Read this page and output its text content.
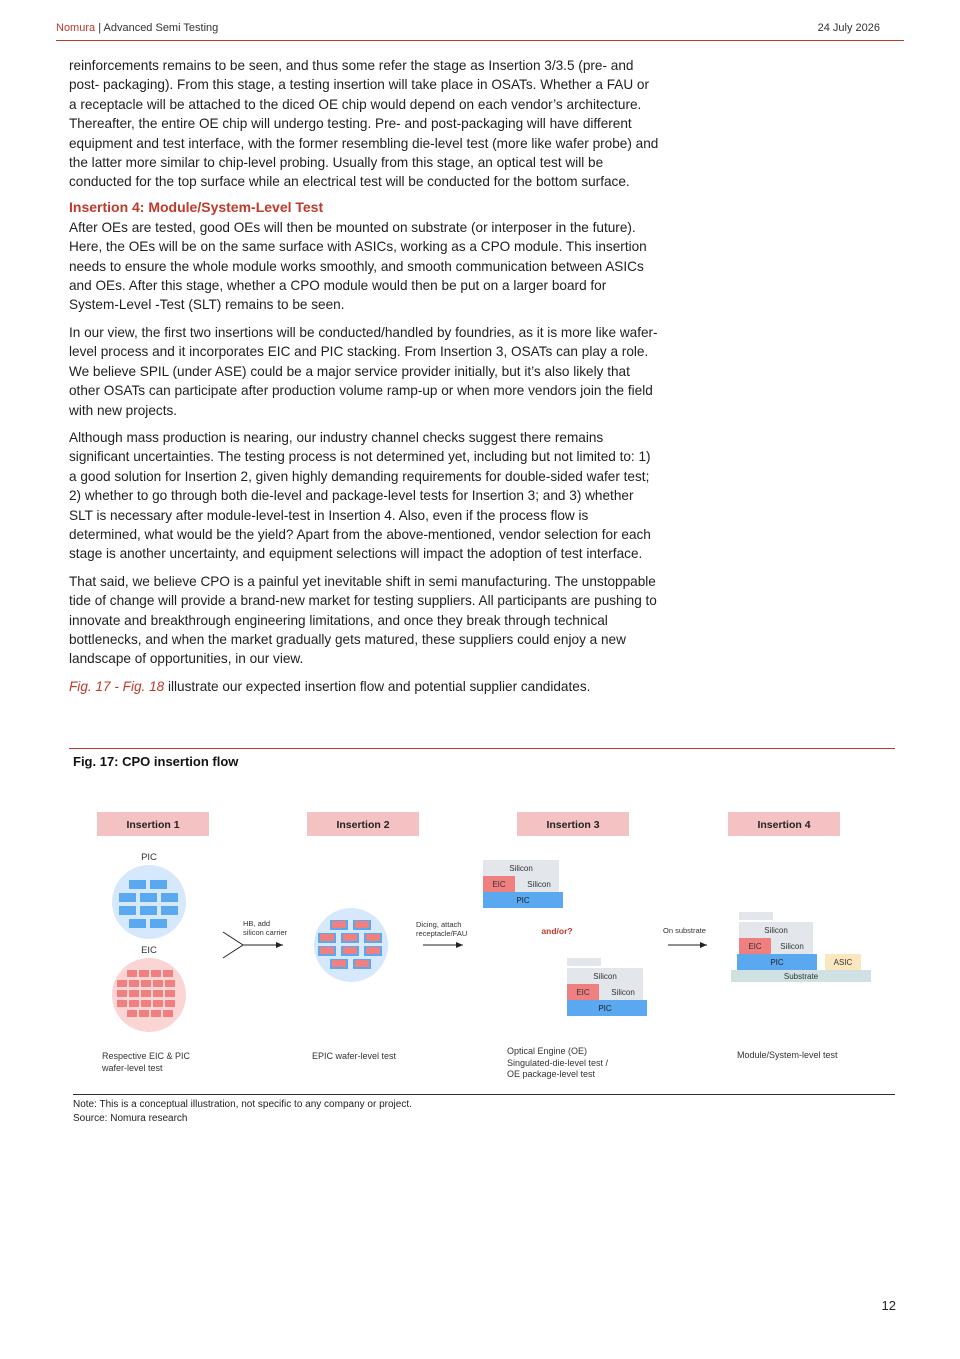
Nomura | Advanced Semi Testing	24 July 2026

reinforcements remains to be seen, and thus some refer the stage as Insertion 3/3.5 (pre- and post- packaging). From this stage, a testing insertion will take place in OSATs. Whether a FAU or a receptacle will be attached to the diced OE chip would depend on each vendor’s architecture. Thereafter, the entire OE chip will undergo testing. Pre- and post-packaging will have different equipment and test interface, with the former resembling die-level test (more like wafer probe) and the latter more similar to chip-level probing. Usually from this stage, an optical test will be conducted for the top surface while an electrical test will be conducted for the bottom surface.

Insertion 4: Module/System-Level Test

After OEs are tested, good OEs will then be mounted on substrate (or interposer in the future). Here, the OEs will be on the same surface with ASICs, working as a CPO module. This insertion needs to ensure the whole module works smoothly, and smooth communication between ASICs and OEs. After this stage, whether a CPO module would then be put on a larger board for System-Level -Test (SLT) remains to be seen.

In our view, the first two insertions will be conducted/handled by foundries, as it is more like wafer-level process and it incorporates EIC and PIC stacking. From Insertion 3, OSATs can play a role. We believe SPIL (under ASE) could be a major service provider initially, but it’s also likely that other OSATs can participate after production volume ramp-up or when more vendors join the field with new projects.

Although mass production is nearing, our industry channel checks suggest there remains significant uncertainties. The testing process is not determined yet, including but not limited to: 1) a good solution for Insertion 2, given highly demanding requirements for double-sided wafer test; 2) whether to go through both die-level and package-level tests for Insertion 3; and 3) whether SLT is necessary after module-level-test in Insertion 4. Also, even if the process flow is determined, what would be the yield? Apart from the above-mentioned, vendor selection for each stage is another uncertainty, and equipment selections will impact the adoption of test interface.

That said, we believe CPO is a painful yet inevitable shift in semi manufacturing. The unstoppable tide of change will provide a brand-new market for testing suppliers. All participants are pushing to innovate and breakthrough engineering limitations, and once they break through technical bottlenecks, and when the market gradually gets matured, these suppliers could enjoy a new landscape of opportunities, in our view.

Fig. 17 - Fig. 18 illustrate our expected insertion flow and potential supplier candidates.

Fig. 17: CPO insertion flow
Insertion 1	Insertion 2	Insertion 3	Insertion 4
PIC
EIC
HB, add
silicon carrier
Dicing, attach
receptacle/FAU
Silicon
EIC	Silicon
PIC
and/or?
Silicon
EIC	Silicon
PIC
On substrate	Silicon
EIC Silicon
PIC	ASIC
Substrate
Respective EIC & PIC
wafer-level test
EPIC wafer-level test	Optical Engine (OE)
Singulated-die-level test /
OE package-level test
Module/System-level test
Note: This is a conceptual illustration, not specific to any company or project.
Source: Nomura research
12
